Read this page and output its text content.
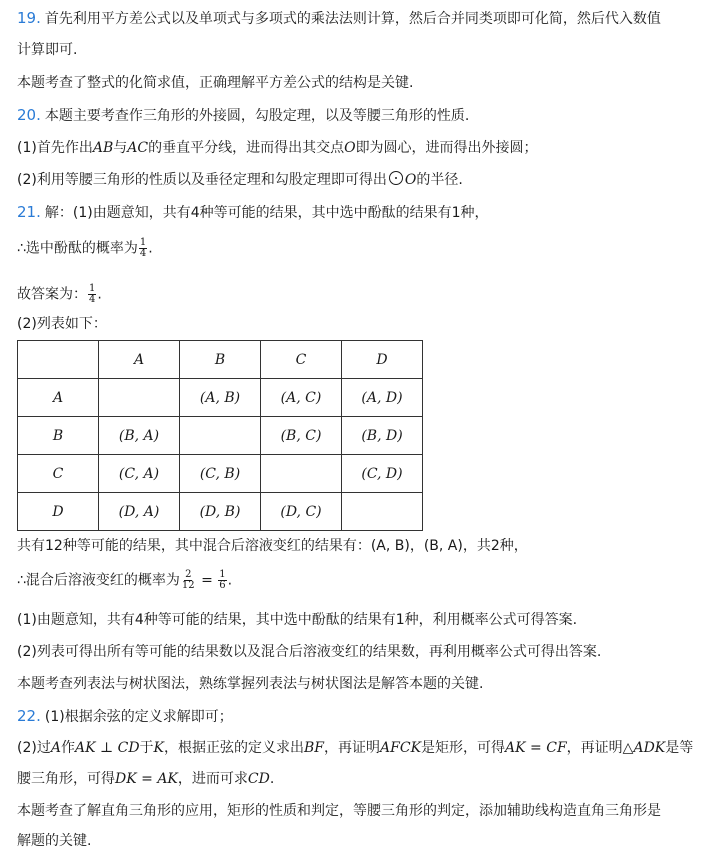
19. 首先利用平方差公式以及单项式与多项式的乘法法则计算，然后合并同类项即可化简，然后代入数值
计算即可.
本题考查了整式的化简求值，正确理解平方差公式的结构是关键.
20. 本题主要考查作三角形的外接圆，勾股定理，以及等腰三角形的性质.
(1)首先作出AB与AC的垂直平分线，进而得出其交点O即为圆心，进而得出外接圆；
(2)利用等腰三角形的性质以及垂径定理和勾股定理即可得出 O的半径.
21. 解：(1)由题意知，共有4种等可能的结果，其中选中酚酞的结果有1种，
∴选中酚酞的概率为 $\frac{1}{4}$ .
故答案为： $\frac{1}{4}$ .
(2)列表如下：
	A	B	C	D
A		(A, B)	(A, C)	(A, D)
B	(B, A)		(B, C)	(B, D)
C	(C, A)	(C, B)		(C, D)
D	(D, A)	(D, B)	(D, C)	
共有12种等可能的结果，其中混合后溶液变红的结果有：(A, B)，(B, A)，共2种，
∴混合后溶液变红的概率为 $\frac{2}{12} = \frac{1}{6}$ .
(1)由题意知，共有4种等可能的结果，其中选中酚酞的结果有1种，利用概率公式可得答案.
(2)列表可得出所有等可能的结果数以及混合后溶液变红的结果数，再利用概率公式可得出答案.
本题考查列表法与树状图法，熟练掌握列表法与树状图法是解答本题的关键.
22. (1)根据余弦的定义求解即可；
(2)过A作AK ⊥ CD于K，根据正弦的定义求出BF，再证明AFCK是矩形，可得AK = CF，再证明△ADK是等
腰三角形，可得DK = AK，进而可求CD.
本题考查了解直角三角形的应用，矩形的性质和判定，等腰三角形的判定，添加辅助线构造直角三角形是
解题的关键.
